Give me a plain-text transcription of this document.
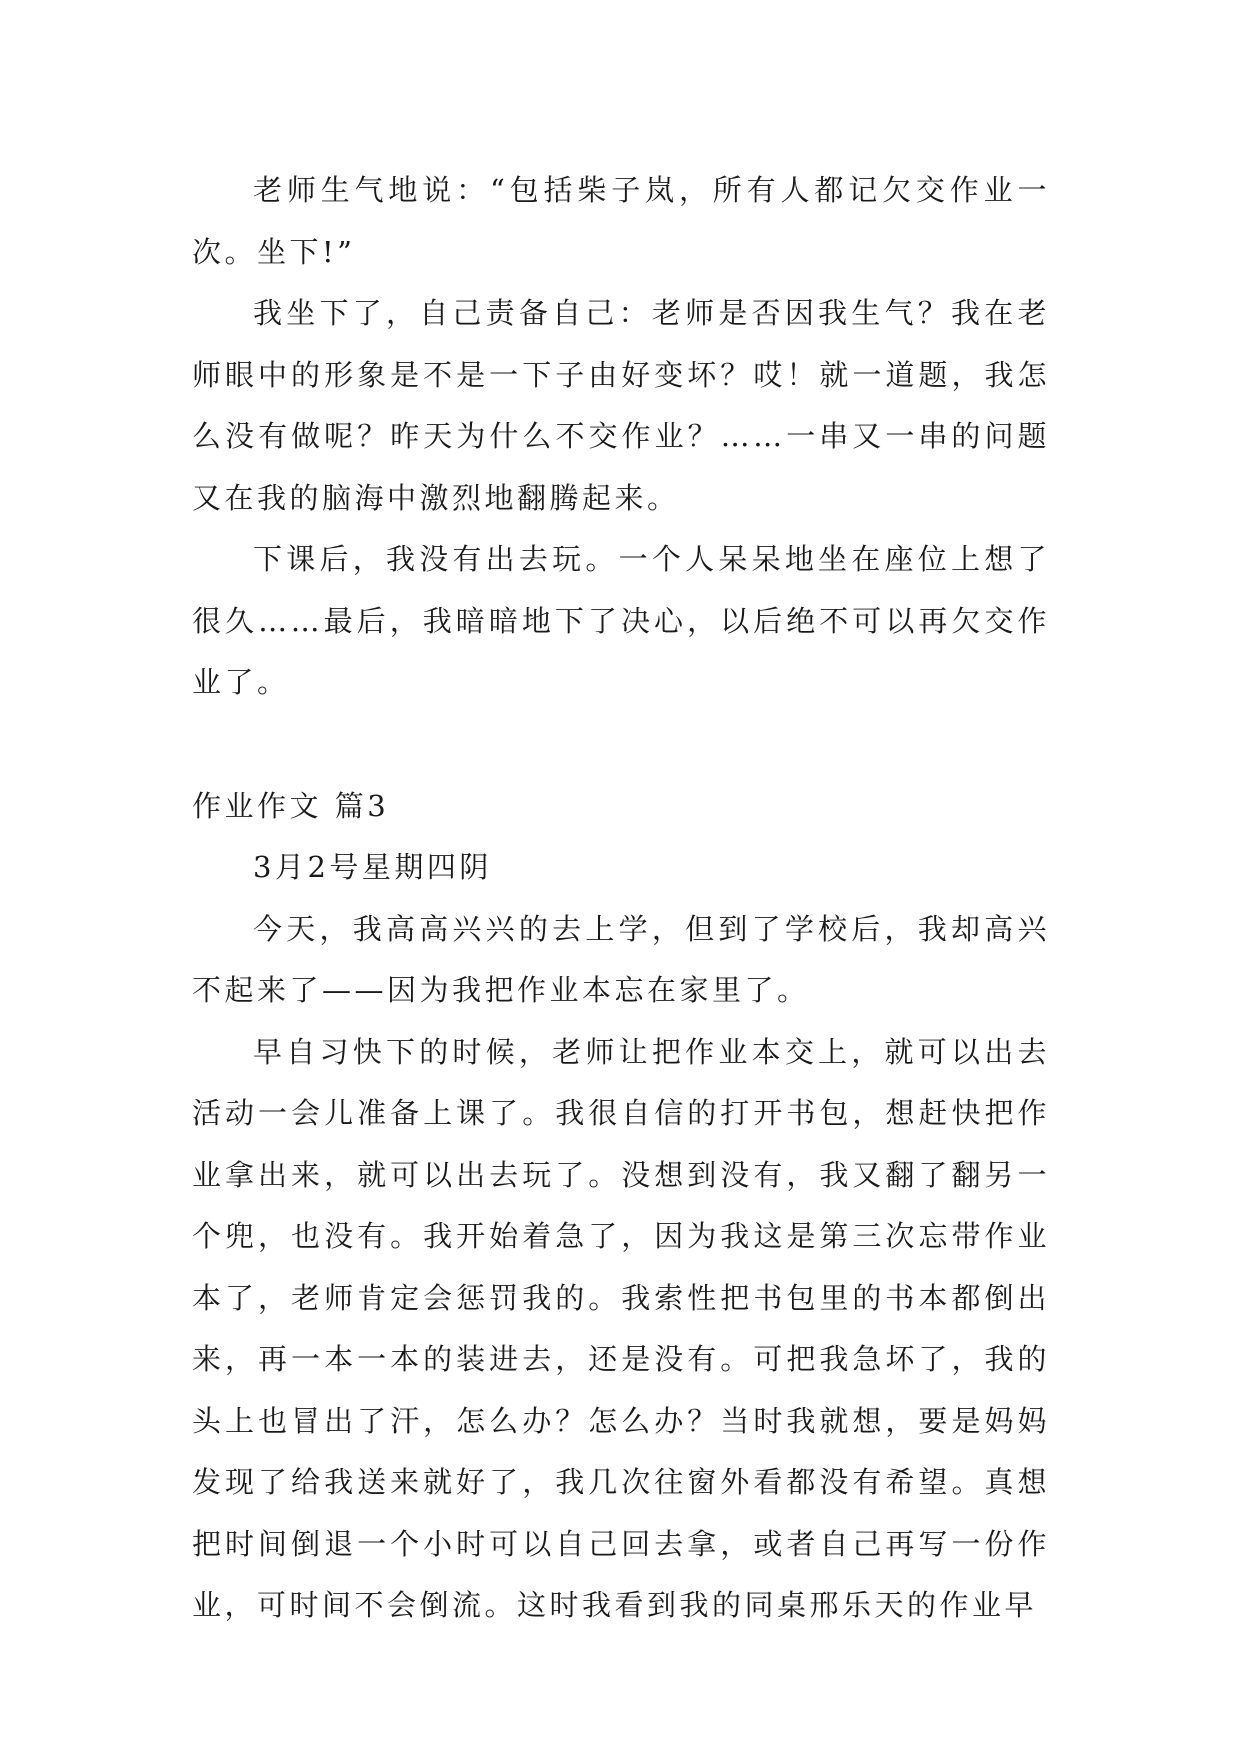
老师生气地说：“包括柴子岚，所有人都记欠交作业一次。坐下!”

我坐下了，自己责备自己：老师是否因我生气？我在老师眼中的形象是不是一下子由好变坏？哎！就一道题，我怎么没有做呢？昨天为什么不交作业？……一串又一串的问题又在我的脑海中激烈地翻腾起来。

下课后，我没有出去玩。一个人呆呆地坐在座位上想了很久……最后，我暗暗地下了决心，以后绝不可以再欠交作业了。

作业作文 篇3

3月2号星期四阴

今天，我高高兴兴的去上学，但到了学校后，我却高兴不起来了——因为我把作业本忘在家里了。

早自习快下的时候，老师让把作业本交上，就可以出去活动一会儿准备上课了。我很自信的打开书包，想赶快把作业拿出来，就可以出去玩了。没想到没有，我又翻了翻另一个兜，也没有。我开始着急了，因为我这是第三次忘带作业本了，老师肯定会惩罚我的。我索性把书包里的书本都倒出来，再一本一本的装进去，还是没有。可把我急坏了，我的头上也冒出了汗，怎么办？怎么办？当时我就想，要是妈妈发现了给我送来就好了，我几次往窗外看都没有希望。真想把时间倒退一个小时可以自己回去拿，或者自己再写一份作业，可时间不会倒流。这时我看到我的同桌邢乐天的作业早
